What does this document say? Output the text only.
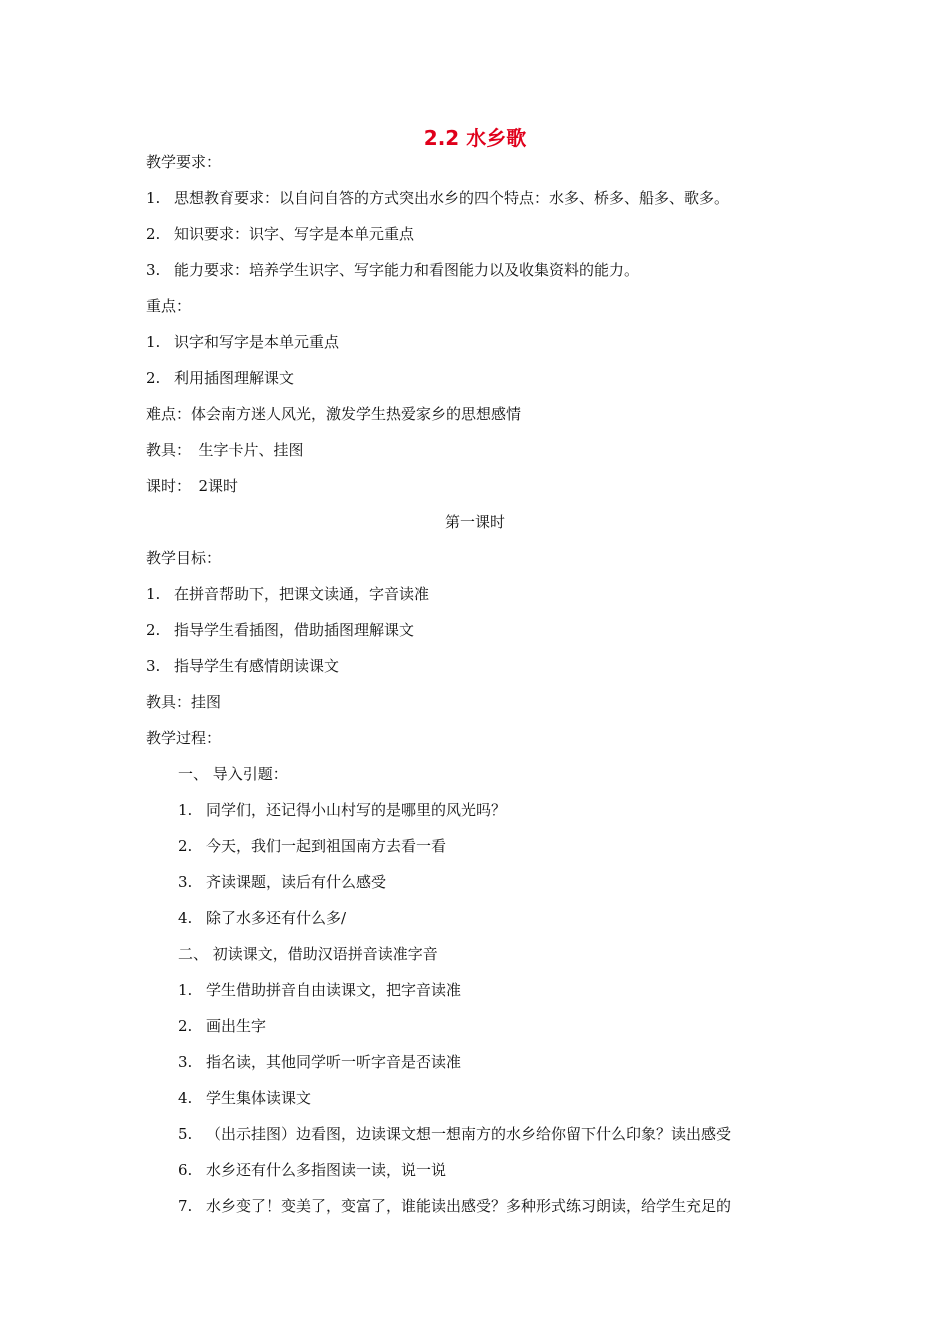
2.2 水乡歌
教学要求：
1. 思想教育要求：以自问自答的方式突出水乡的四个特点：水多、桥多、船多、歌多。
2. 知识要求：识字、写字是本单元重点
3. 能力要求：培养学生识字、写字能力和看图能力以及收集资料的能力。
重点：
1. 识字和写字是本单元重点
2. 利用插图理解课文
难点：体会南方迷人风光，激发学生热爱家乡的思想感情
教具：　生字卡片、挂图
课时：　2课时
第一课时
教学目标：
1. 在拼音帮助下，把课文读通，字音读准
2. 指导学生看插图，借助插图理解课文
3. 指导学生有感情朗读课文
教具：挂图
教学过程：
一、 导入引题：
1. 同学们，还记得小山村写的是哪里的风光吗？
2. 今天，我们一起到祖国南方去看一看
3. 齐读课题，读后有什么感受
4. 除了水多还有什么多/
二、 初读课文，借助汉语拼音读准字音
1. 学生借助拼音自由读课文，把字音读准
2. 画出生字
3. 指名读，其他同学听一听字音是否读准
4. 学生集体读课文
5. （出示挂图）边看图，边读课文想一想南方的水乡给你留下什么印象？读出感受
6. 水乡还有什么多指图读一读，说一说
7. 水乡变了！变美了，变富了，谁能读出感受？多种形式练习朗读，给学生充足的
